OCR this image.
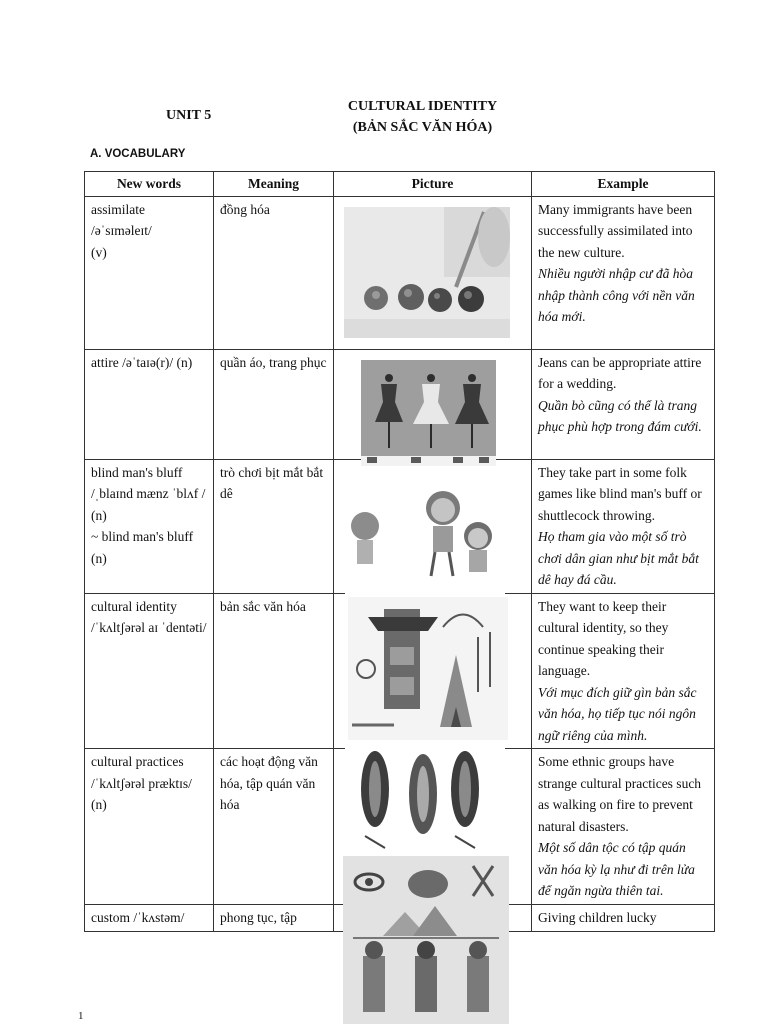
UNIT 5
CULTURAL IDENTITY
(BẢN SẮC VĂN HÓA)
A. VOCABULARY
New words	Meaning	Picture	Example

assimilate
/əˈsɪməleɪt/
(v)	đồng hóa		Many immigrants have been successfully assimilated into the new culture.
Nhiều người nhập cư đã hòa nhập thành công với nền văn hóa mới.

attire /əˈtaɪə(r)/ (n)	quần áo, trang phục		Jeans can be appropriate attire for a wedding.
Quần bò cũng có thể là trang phục phù hợp trong đám cưới.

blind man's bluff
/ˌblaɪnd mænz ˈblʌf / (n)
~ blind man's bluff (n)	trò chơi bịt mắt bắt dê		They take part in some folk games like blind man's buff or shuttlecock throwing.
Họ tham gia vào một số trò chơi dân gian như bịt mắt bắt dê hay đá cầu.

cultural identity
/ˈkʌltʃərəl aɪ ˈdentəti/	bản sắc văn hóa		They want to keep their cultural identity, so they continue speaking their language.
Với mục đích giữ gìn bản sắc văn hóa, họ tiếp tục nói ngôn ngữ riêng của mình.

cultural practices
/ˈkʌltʃərəl præktɪs/
(n)	các hoạt động văn hóa, tập quán văn hóa		Some ethnic groups have strange cultural practices such as walking on fire to prevent natural disasters.
Một số dân tộc có tập quán văn hóa kỳ lạ như đi trên lửa để ngăn ngừa thiên tai.

custom /ˈkʌstəm/	phong tục, tập		Giving children lucky
1
